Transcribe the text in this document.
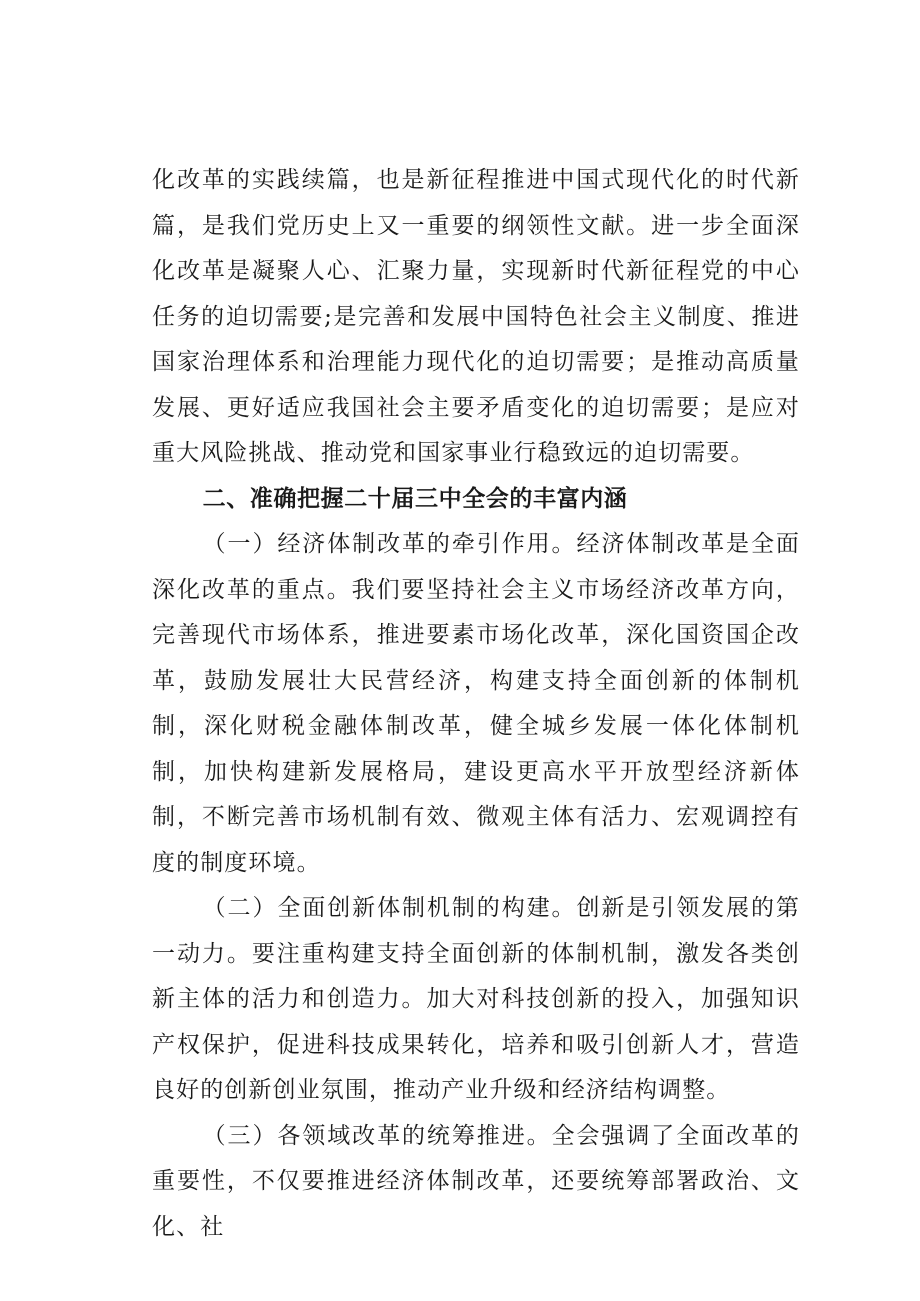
化改革的实践续篇，也是新征程推进中国式现代化的时代新篇，是我们党历史上又一重要的纲领性文献。进一步全面深化改革是凝聚人心、汇聚力量，实现新时代新征程党的中心任务的迫切需要;是完善和发展中国特色社会主义制度、推进国家治理体系和治理能力现代化的迫切需要；是推动高质量发展、更好适应我国社会主要矛盾变化的迫切需要；是应对重大风险挑战、推动党和国家事业行稳致远的迫切需要。

二、准确把握二十届三中全会的丰富内涵

（一）经济体制改革的牵引作用。经济体制改革是全面深化改革的重点。我们要坚持社会主义市场经济改革方向，完善现代市场体系，推进要素市场化改革，深化国资国企改革，鼓励发展壮大民营经济，构建支持全面创新的体制机制，深化财税金融体制改革，健全城乡发展一体化体制机制，加快构建新发展格局，建设更高水平开放型经济新体制，不断完善市场机制有效、微观主体有活力、宏观调控有度的制度环境。

（二）全面创新体制机制的构建。创新是引领发展的第一动力。要注重构建支持全面创新的体制机制，激发各类创新主体的活力和创造力。加大对科技创新的投入，加强知识产权保护，促进科技成果转化，培养和吸引创新人才，营造良好的创新创业氛围，推动产业升级和经济结构调整。

（三）各领域改革的统筹推进。全会强调了全面改革的重要性，不仅要推进经济体制改革，还要统筹部署政治、文化、社
